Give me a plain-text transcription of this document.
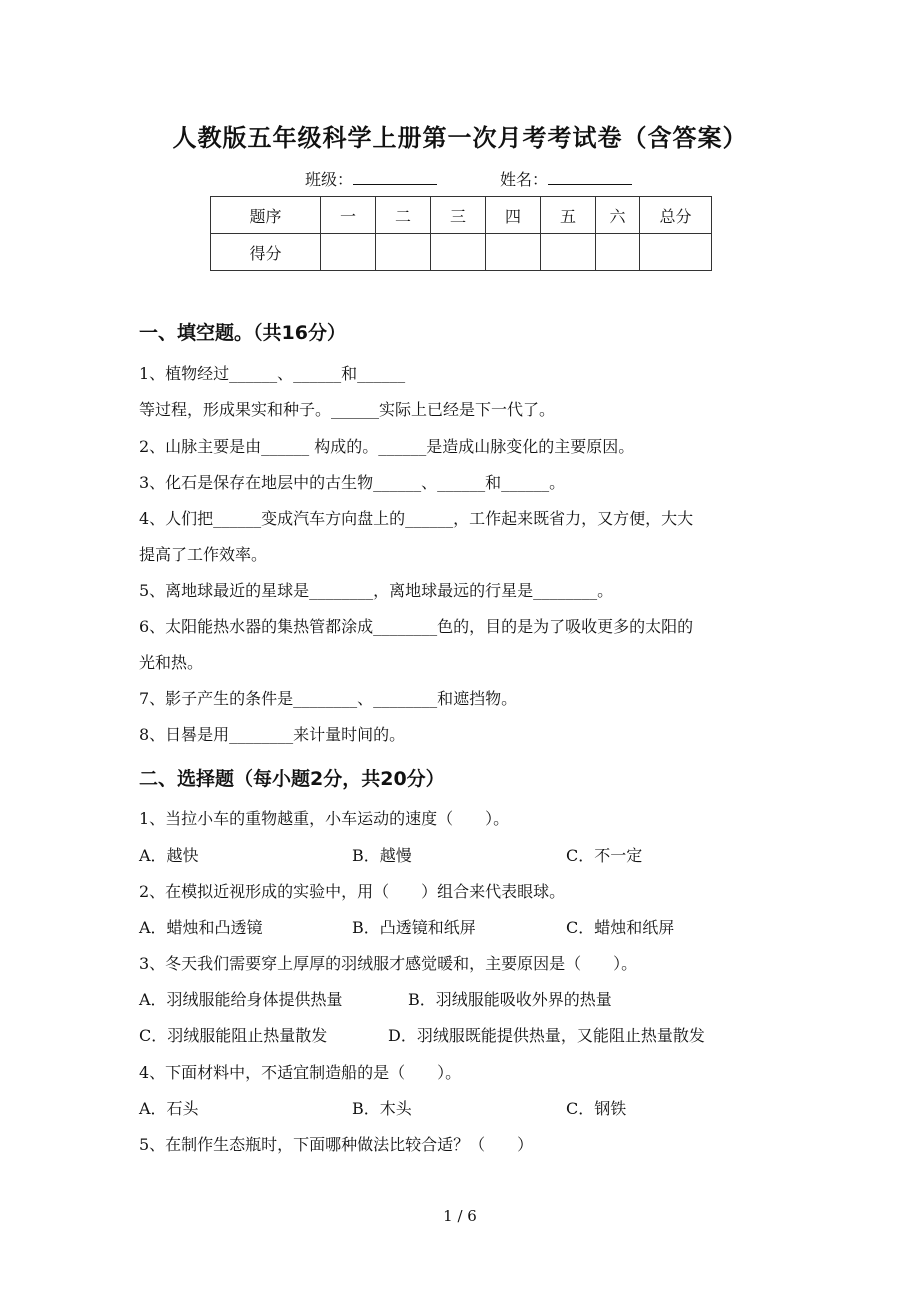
人教版五年级科学上册第一次月考考试卷（含答案）
班级：	姓名：
题序	一	二	三	四	五	六	总分
得分							
一、填空题。（共16分）
1、植物经过______、______和______
等过程，形成果实和种子。______实际上已经是下一代了。
2、山脉主要是由______ 构成的。______是造成山脉变化的主要原因。
3、化石是保存在地层中的古生物______、______和______。
4、人们把______变成汽车方向盘上的______，工作起来既省力，又方便，大大
提高了工作效率。
5、离地球最近的星球是________，离地球最远的行星是________。
6、太阳能热水器的集热管都涂成________色的，目的是为了吸收更多的太阳的
光和热。
7、影子产生的条件是________、________和遮挡物。
8、日晷是用________来计量时间的。
二、选择题（每小题2分，共20分）
1、当拉小车的重物越重，小车运动的速度（　　）。
A．越快	B．越慢	C．不一定
2、在模拟近视形成的实验中，用（　　）组合来代表眼球。
A．蜡烛和凸透镜	B．凸透镜和纸屏	C．蜡烛和纸屏
3、冬天我们需要穿上厚厚的羽绒服才感觉暖和，主要原因是（　　）。
A．羽绒服能给身体提供热量	B．羽绒服能吸收外界的热量
C．羽绒服能阻止热量散发	D．羽绒服既能提供热量，又能阻止热量散发
4、下面材料中，不适宜制造船的是（　　）。
A．石头	B．木头	C．钢铁
5、在制作生态瓶时，下面哪种做法比较合适？（　　）
1 / 6
